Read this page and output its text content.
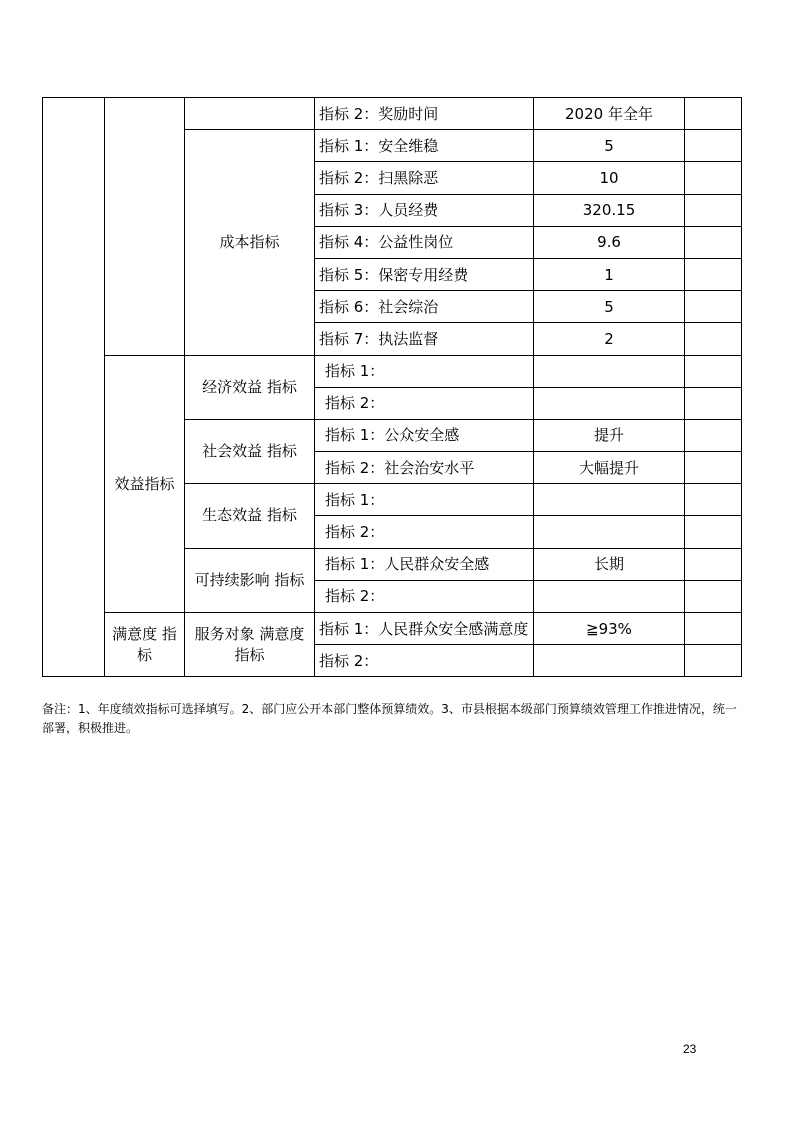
			指标 2：奖励时间	2020 年全年	
		成本指标	指标 1：安全维稳	5	
			指标 2：扫黑除恶	10	
			指标 3：人员经费	320.15	
			指标 4：公益性岗位	9.6	
			指标 5：保密专用经费	1	
			指标 6：社会综治	5	
			指标 7：执法监督	2	
	效益指标	经济效益 指标	指标 1：		
			指标 2：		
		社会效益 指标	指标 1：公众安全感	提升	
			指标 2：社会治安水平	大幅提升	
		生态效益 指标	指标 1：		
			指标 2：		
		可持续影响 指标	指标 1：人民群众安全感	长期	
			指标 2：		
	满意度 指标	服务对象 满意度指标	指标 1：人民群众安全感满意度	≧93%	
			指标 2：		
备注：1、年度绩效指标可选择填写。2、部门应公开本部门整体预算绩效。3、市县根据本级部门预算绩效管理工作推进情况，统一部署，积极推进。
23
